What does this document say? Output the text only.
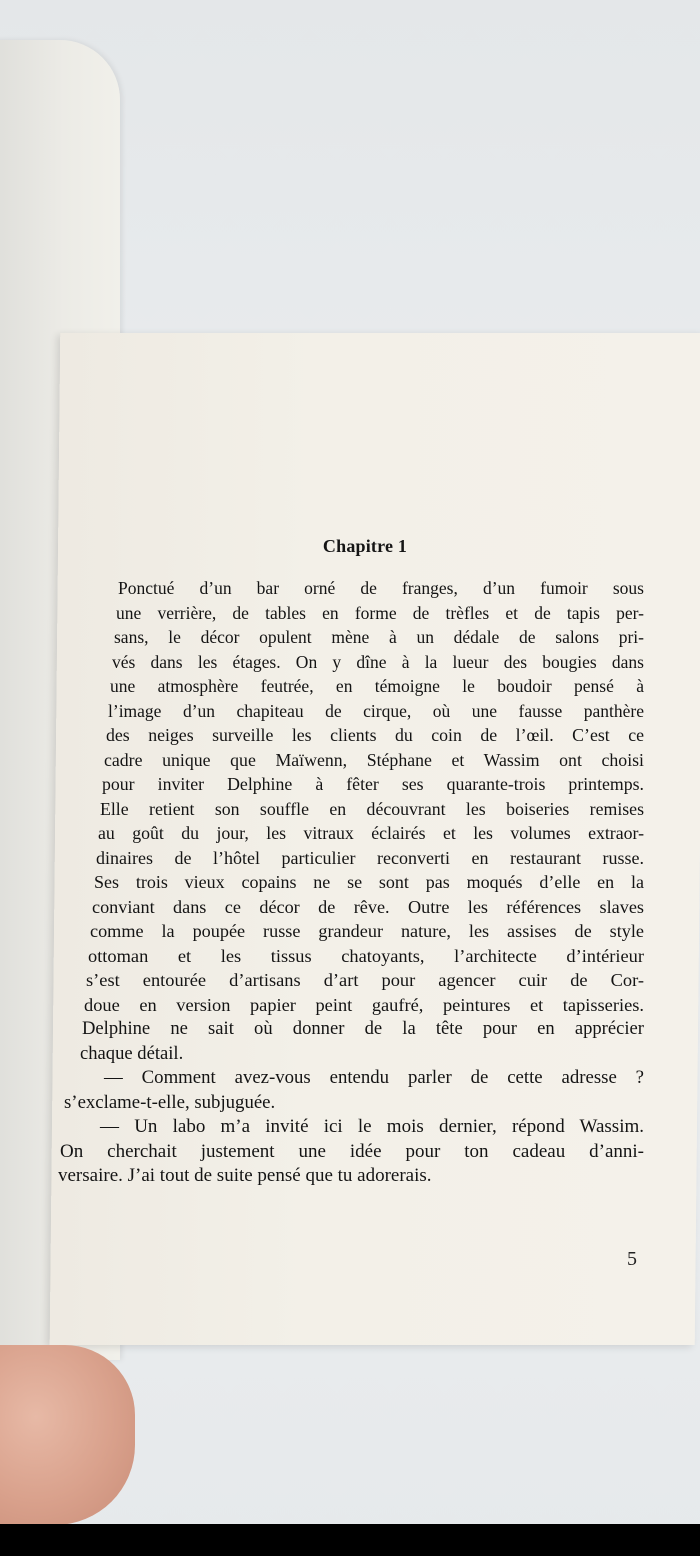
Chapitre 1
Ponctué d’un bar orné de franges, d’un fumoir sous
une verrière, de tables en forme de trèfles et de tapis per-
sans, le décor opulent mène à un dédale de salons pri-
vés dans les étages. On y dîne à la lueur des bougies dans
une atmosphère feutrée, en témoigne le boudoir pensé à
l’image d’un chapiteau de cirque, où une fausse panthère
des neiges surveille les clients du coin de l’œil. C’est ce
cadre unique que Maïwenn, Stéphane et Wassim ont choisi
pour inviter Delphine à fêter ses quarante-trois printemps.
Elle retient son souffle en découvrant les boiseries remises
au goût du jour, les vitraux éclairés et les volumes extraor-
dinaires de l’hôtel particulier reconverti en restaurant russe.
Ses trois vieux copains ne se sont pas moqués d’elle en la
conviant dans ce décor de rêve. Outre les références slaves
comme la poupée russe grandeur nature, les assises de style
ottoman et les tissus chatoyants, l’architecte d’intérieur
s’est entourée d’artisans d’art pour agencer cuir de Cor-
doue en version papier peint gaufré, peintures et tapisseries.
Delphine ne sait où donner de la tête pour en apprécier
chaque détail.
— Comment avez-vous entendu parler de cette adresse ?
s’exclame-t-elle, subjuguée.
— Un labo m’a invité ici le mois dernier, répond Wassim.
On cherchait justement une idée pour ton cadeau d’anni-
versaire. J’ai tout de suite pensé que tu adorerais.
5
